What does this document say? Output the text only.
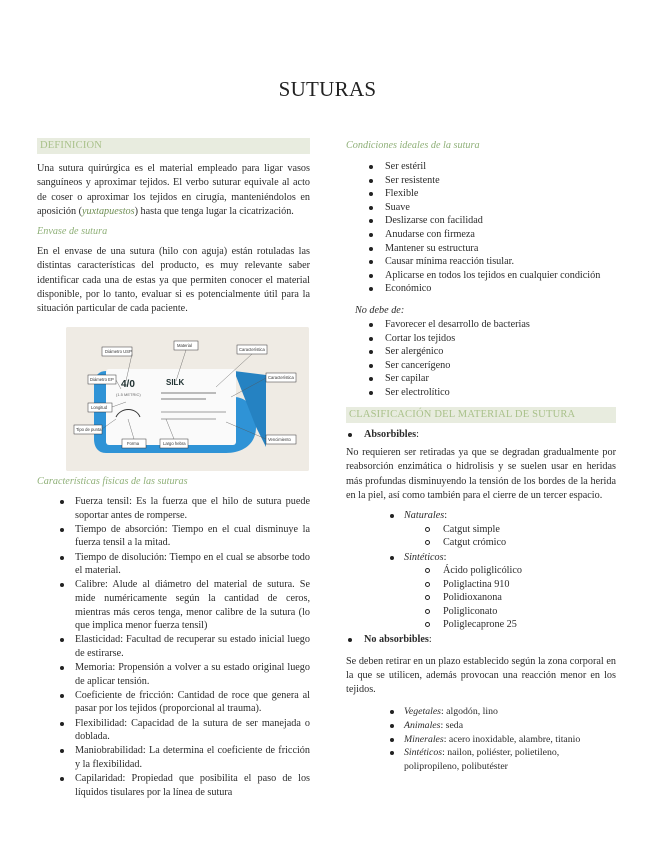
SUTURAS
DEFINICION

Una sutura quirúrgica es el material empleado para ligar vasos sanguíneos y aproximar tejidos. El verbo suturar equivale al acto de coser o aproximar los tejidos en cirugía, manteniéndolos en aposición (yuxtapuestos) hasta que tenga lugar la cicatrización.

Envase de sutura

En el envase de una sutura (hilo con aguja) están rotuladas las distintas características del producto, es muy relevante saber identificar cada una de estas ya que permiten conocer el material disponible, por lo tanto, evaluar si es potencialmente útil para la situación particular de cada paciente.

Características físicas de las suturas
Fuerza tensil: Es la fuerza que el hilo de sutura puede soportar antes de romperse.
Tiempo de absorción: Tiempo en el cual disminuye la fuerza tensil a la mitad.
Tiempo de disolución: Tiempo en el cual se absorbe todo el material.
Calibre: Alude al diámetro del material de sutura. Se mide numéricamente según la cantidad de ceros, mientras más ceros tenga, menor calibre de la sutura (lo que implica menor fuerza tensil)
Elasticidad: Facultad de recuperar su estado inicial luego de estirarse.
Memoria: Propensión a volver a su estado original luego de aplicar tensión.
Coeficiente de fricción: Cantidad de roce que genera al pasar por los tejidos (proporcional al trauma).
Flexibilidad: Capacidad de la sutura de ser manejada o doblada.
Maniobrabilidad: La determina el coeficiente de fricción y la flexibilidad.
Capilaridad: Propiedad que posibilita el paso de los líquidos tisulares por la línea de sutura
4/0
(1.5 METRIC)
SILK
Diámetro USP
Material
Característica
Diámetro EP	Característica
Longitud
Vencimiento
Tipo de punta
Forma	Largo hebra
Condiciones ideales de la sutura
Ser estéril
Ser resistente
Flexible
Suave
Deslizarse con facilidad
Anudarse con firmeza
Mantener su estructura
Causar mínima reacción tisular.
Aplicarse en todos los tejidos en cualquier condición
Económico
No debe de:
Favorecer el desarrollo de bacterias
Cortar los tejidos
Ser alergénico
Ser cancerígeno
Ser capilar
Ser electrolítico
CLASIFICACIÓN DEL MATERIAL DE SUTURA
Absorbibles:

No requieren ser retiradas ya que se degradan gradualmente por reabsorción enzimática o hidrolisis y se suelen usar en heridas más profundas disminuyendo la tensión de los bordes de la herida en la piel, así como también para el cierre de un tercer espacio.

Naturales:
Catgut simple
Catgut crómico
Sintéticos:
Ácido poliglicólico
Poliglactina 910
Polidioxanona
Poligliconato
Poliglecaprone 25
No absorbibles:

Se deben retirar en un plazo establecido según la zona corporal en la que se utilicen, además provocan una reacción menor en los tejidos.

Vegetales: algodón, lino
Animales: seda
Minerales: acero inoxidable, alambre, titanio
Sintéticos: nailon, poliéster, polietileno, polipropileno, polibutéster
